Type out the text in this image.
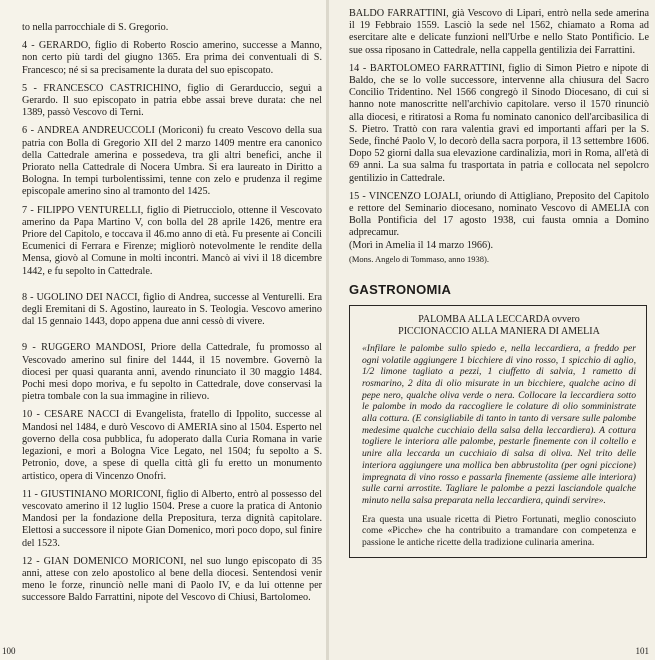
to nella parrocchiale di S. Gregorio.

4 - GERARDO, figlio di Roberto Roscio amerino, successe a Manno, non certo più tardi del giugno 1365. Era prima dei conventuali di S. Francesco; né si sa precisamente la durata del suo episcopato.

5 - FRANCESCO CASTRICHINO, figlio di Gerarduccio, seguì a Gerardo. Il suo episcopato in patria ebbe assai breve durata: che nel 1389, passò Vescovo di Terni.

6 - ANDREA ANDREUCCOLI (Moriconi) fu creato Vescovo della sua patria con Bolla di Gregorio XII del 2 marzo 1409 mentre era canonico della Cattedrale amerina e possedeva, tra gli altri benefici, anche il Priorato nella Cattedrale di Nocera Umbra. Si era laureato in Diritto a Bologna. In tempi turbolentissimi, tenne con zelo e prudenza il regime episcopale amerino sino al tramonto del 1425.

7 - FILIPPO VENTURELLI, figlio di Pietrucciolo, ottenne il Vescovato amerino da Papa Martino V, con bolla del 28 aprile 1426, mentre era Priore del Capitolo, e toccava il 46.mo anno di età. Fu presente ai Concili Ecumenici di Ferrara e Firenze; migliorò notevolmente le rendite della Mensa, giovò al Comune in molti incontri. Mancò ai vivi il 18 dicembre 1442, e fu sepolto in Cattedrale.

8 - UGOLINO DEI NACCI, figlio di Andrea, successe al Venturelli. Era degli Eremitani di S. Agostino, laureato in S. Teologia. Vescovo amerino dal 15 gennaio 1443, dopo appena due anni cessò di vivere.

9 - RUGGERO MANDOSI, Priore della Cattedrale, fu promosso al Vescovado amerino sul finire del 1444, il 15 novembre. Governò la diocesi per quasi quaranta anni, avendo rinunciato il 30 maggio 1484. Pochi mesi dopo moriva, e fu sepolto in Cattedrale, dove conservasi la pietra tombale con la sua immagine in rilievo.

10 - CESARE NACCI di Evangelista, fratello di Ippolito, successe al Mandosi nel 1484, e durò Vescovo di AMERIA sino al 1504. Esperto nel governo della cosa pubblica, fu adoperato dalla Curia Romana in varie legazioni, e morì a Bologna Vice Legato, nel 1504; fu sepolto a S. Petronio, dove, a spese di quella città gli fu eretto un monumento artistico, opera di Vincenzo Onofri.

11 - GIUSTINIANO MORICONI, figlio di Alberto, entrò al possesso del vescovato amerino il 12 luglio 1504. Prese a cuore la pratica di Antonio Mandosi per la fondazione della Prepositura, terza dignità capitolare. Elettosi a successore il nipote Gian Domenico, morì poco dopo, sul finire del 1523.

12 - GIAN DOMENICO MORICONI, nel suo lungo episcopato di 35 anni, attese con zelo apostolico al bene della diocesi. Sentendosi venir meno le forze, rinunciò nelle mani di Paolo IV, e da lui ottenne per successore Baldo Farrattini, nipote del Vescovo di Chiusi, Bartolomeo.

100

BALDO FARRATTINI, già Vescovo di Lipari, entrò nella sede amerina il 19 Febbraio 1559. Lasciò la sede nel 1562, chiamato a Roma ad esercitare alte e delicate funzioni nell'Urbe e nello Stato Pontificio. Le sue ossa riposano in Cattedrale, nella cappella gentilizia dei Farrattini.

14 - BARTOLOMEO FARRATTINI, figlio di Simon Pietro e nipote di Baldo, che se lo volle successore, intervenne alla chiusura del Sacro Concilio Tridentino. Nel 1566 congregò il Sinodo Diocesano, di cui si hanno note manoscritte nell'archivio capitolare. verso il 1570 rinunciò alla diocesi, e ritiratosi a Roma fu nominato canonico dell'arcibasilica di S. Pietro. Trattò con rara valentia gravi ed importanti affari per la S. Sede, finché Paolo V, lo decorò della sacra porpora, il 13 settembre 1606. Dopo 52 giorni dalla sua elevazione cardinalizia, morì in Roma, all'età di 69 anni. La sua salma fu trasportata in patria e collocata nel sepolcro gentilizio in Cattedrale.

15 - VINCENZO LOJALI, oriundo di Attigliano, Preposito del Capitolo e rettore del Seminario diocesano, nominato Vescovo di AMELIA con Bolla Pontificia del 17 agosto 1938, cui fausta omnia a Domino adprecamur.

(Morì in Amelia il 14 marzo 1966).

(Mons. Angelo di Tommaso, anno 1938).

GASTRONOMIA

PALOMBA ALLA LECCARDA ovvero
PICCIONACCIO ALLA MANIERA DI AMELIA

«Infilare le palombe sullo spiedo e, nella leccardiera, a freddo per ogni volatile aggiungere 1 bicchiere di vino rosso, 1 spicchio di aglio, 1/2 limone tagliato a pezzi, 1 ciuffetto di salvia, 1 rametto di rosmarino, 2 dita di olio misurate in un bicchiere, qualche acino di pepe nero, qualche oliva verde o nera. Collocare la leccardiera sotto le palombe in modo da raccogliere le colature di olio somministrate alla cottura. (E consigliabile di tanto in tanto di versare sulle palombe medesime qualche cucchiaio della salsa della leccardiera). A cottura togliere le interiora alle palombe, pestarle finemente con il coltello e unire alla leccarda un cucchiaio di salsa di oliva. Nel trito delle interiora aggiungere una mollica ben abbrustolita (per ogni piccione) impregnata di vino rosso e passarla finemente (assieme alle interiora) sulle carni arrostite. Tagliare le palombe a pezzi lasciandole qualche minuto nella salsa preparata nella leccardiera, quindi servire».

Era questa una usuale ricetta di Pietro Fortunati, meglio conosciuto come «Picche» che ha contribuito a tramandare con competenza e passione le antiche ricette della tradizione culinaria amerina.

101
